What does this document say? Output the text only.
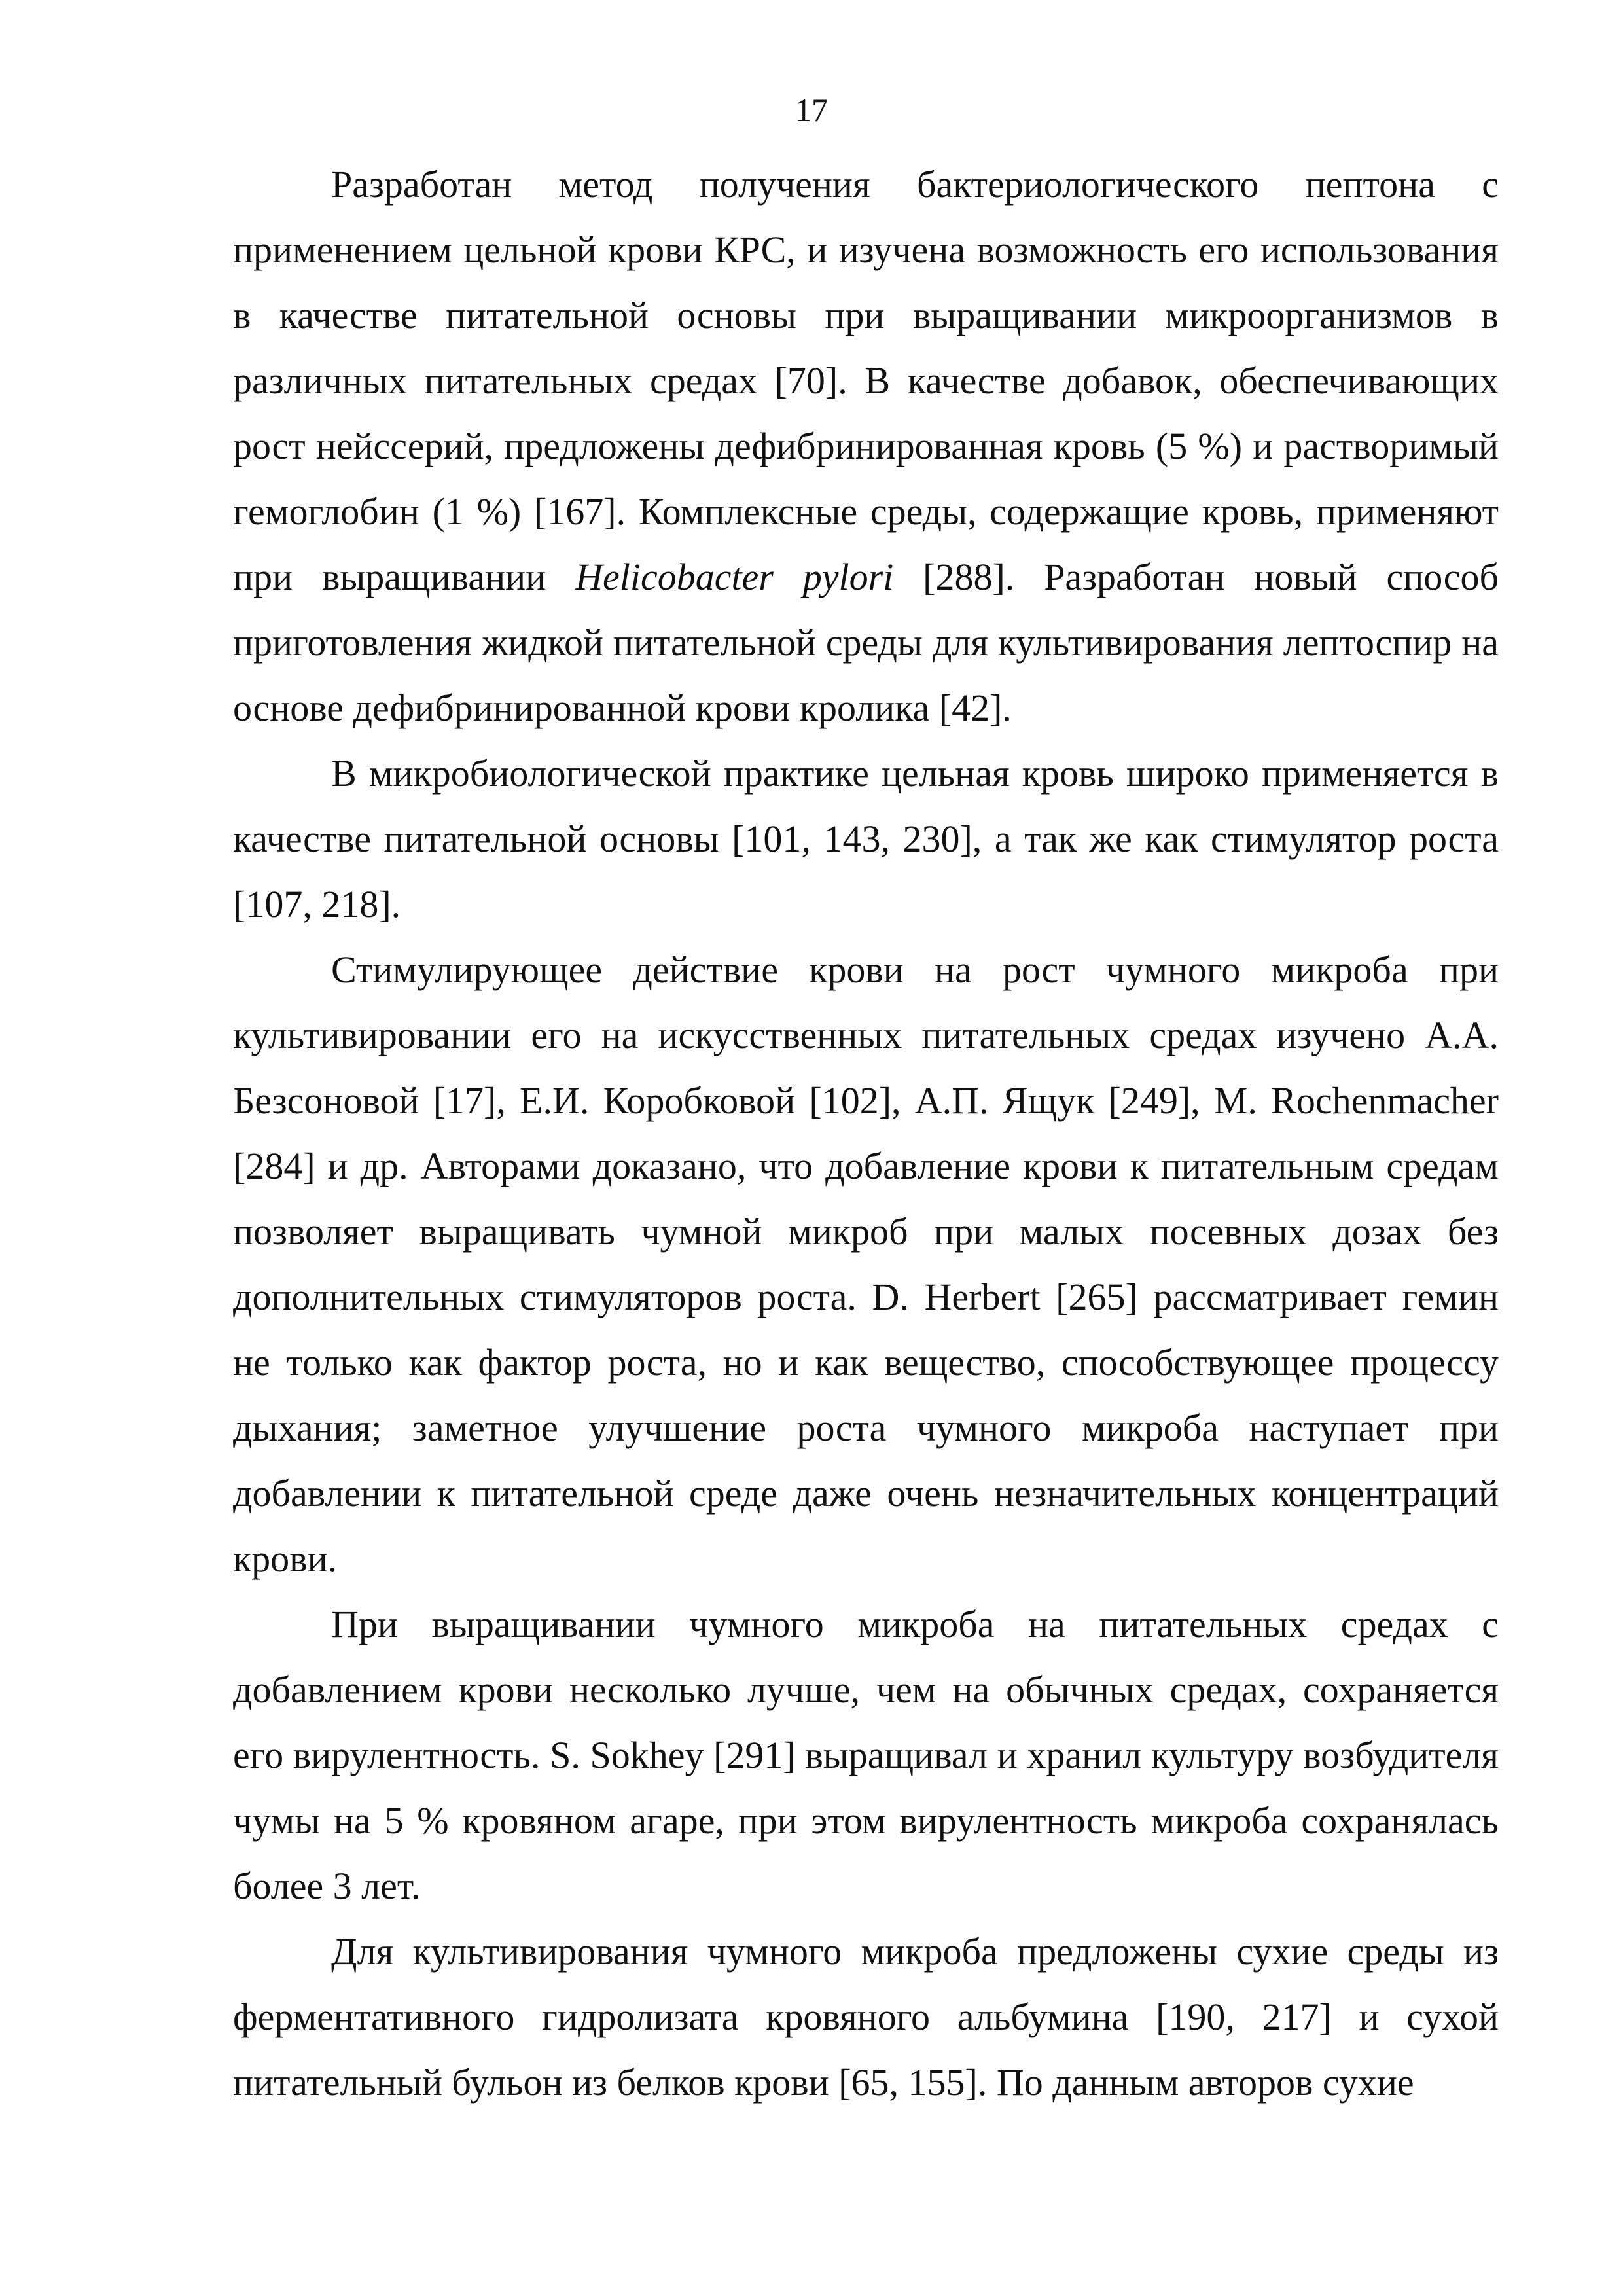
17

Разработан метод получения бактериологического пептона с применением цельной крови КРС, и изучена возможность его использования в качестве питательной основы при выращивании микроорганизмов в различных питательных средах [70]. В качестве добавок, обеспечивающих рост нейссерий, предложены дефибринированная кровь (5 %) и растворимый гемоглобин (1 %) [167]. Комплексные среды, содержащие кровь, применяют при выращивании Helicobacter pylori [288]. Разработан новый способ приготовления жидкой питательной среды для культивирования лептоспир на основе дефибринированной крови кролика [42].

В микробиологической практике цельная кровь широко применяется в качестве питательной основы [101, 143, 230], а так же как стимулятор роста [107, 218].

Стимулирующее действие крови на рост чумного микроба при культивировании его на искусственных питательных средах изучено А.А. Безсоновой [17], Е.И. Коробковой [102], А.П. Ящук [249], M. Rochenmacher [284] и др. Авторами доказано, что добавление крови к питательным средам позволяет выращивать чумной микроб при малых посевных дозах без дополнительных стимуляторов роста. D. Herbert [265] рассматривает гемин не только как фактор роста, но и как вещество, способствующее процессу дыхания; заметное улучшение роста чумного микроба наступает при добавлении к питательной среде даже очень незначительных концентраций крови.

При выращивании чумного микроба на питательных средах с добавлением крови несколько лучше, чем на обычных средах, сохраняется его вирулентность. S. Sokhey [291] выращивал и хранил культуру возбудителя чумы на 5 % кровяном агаре, при этом вирулентность микроба сохранялась более 3 лет.

Для культивирования чумного микроба предложены сухие среды из ферментативного гидролизата кровяного альбумина [190, 217] и сухой питательный бульон из белков крови [65, 155]. По данным авторов сухие
